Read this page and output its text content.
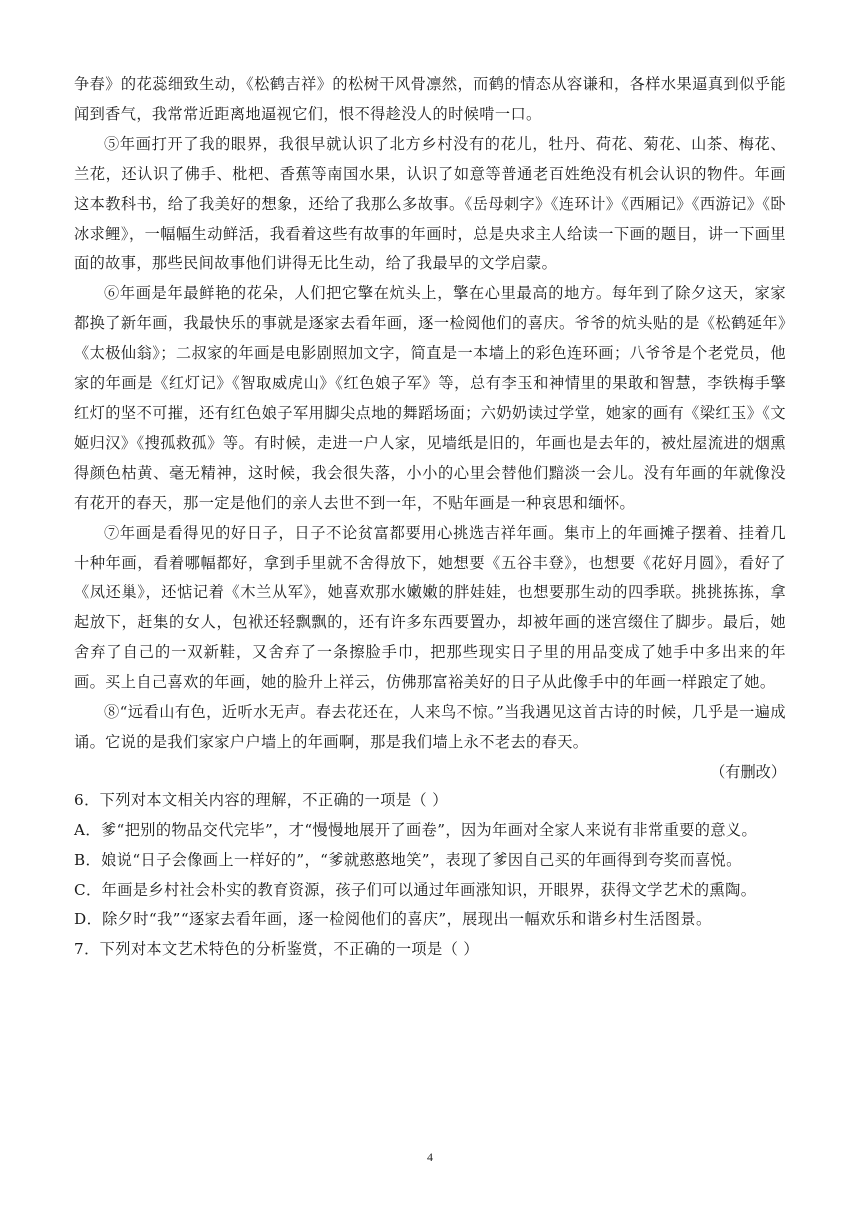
争春》的花蕊细致生动，《松鹤吉祥》的松树干风骨凛然，而鹤的情态从容谦和，各样水果逼真到似乎能闻到香气，我常常近距离地逼视它们，恨不得趁没人的时候啃一口。

⑤年画打开了我的眼界，我很早就认识了北方乡村没有的花儿，牡丹、荷花、菊花、山茶、梅花、兰花，还认识了佛手、枇杷、香蕉等南国水果，认识了如意等普通老百姓绝没有机会认识的物件。年画这本教科书，给了我美好的想象，还给了我那么多故事。《岳母刺字》《连环计》《西厢记》《西游记》《卧冰求鲤》，一幅幅生动鲜活，我看着这些有故事的年画时，总是央求主人给读一下画的题目，讲一下画里面的故事，那些民间故事他们讲得无比生动，给了我最早的文学启蒙。

⑥年画是年最鲜艳的花朵，人们把它擎在炕头上，擎在心里最高的地方。每年到了除夕这天，家家都换了新年画，我最快乐的事就是逐家去看年画，逐一检阅他们的喜庆。爷爷的炕头贴的是《松鹤延年》《太极仙翁》；二叔家的年画是电影剧照加文字，简直是一本墙上的彩色连环画；八爷爷是个老党员，他家的年画是《红灯记》《智取威虎山》《红色娘子军》等，总有李玉和神情里的果敢和智慧，李铁梅手擎红灯的坚不可摧，还有红色娘子军用脚尖点地的舞蹈场面；六奶奶读过学堂，她家的画有《梁红玉》《文姬归汉》《搜孤救孤》等。有时候，走进一户人家，见墙纸是旧的，年画也是去年的，被灶屋流进的烟熏得颜色枯黄、毫无精神，这时候，我会很失落，小小的心里会替他们黯淡一会儿。没有年画的年就像没有花开的春天，那一定是他们的亲人去世不到一年，不贴年画是一种哀思和缅怀。

⑦年画是看得见的好日子，日子不论贫富都要用心挑选吉祥年画。集市上的年画摊子摆着、挂着几十种年画，看着哪幅都好，拿到手里就不舍得放下，她想要《五谷丰登》，也想要《花好月圆》，看好了《凤还巢》，还惦记着《木兰从军》，她喜欢那水嫩嫩的胖娃娃，也想要那生动的四季联。挑挑拣拣，拿起放下，赶集的女人，包袱还轻飘飘的，还有许多东西要置办，却被年画的迷宫缀住了脚步。最后，她舍弃了自己的一双新鞋，又舍弃了一条擦脸手巾，把那些现实日子里的用品变成了她手中多出来的年画。买上自己喜欢的年画，她的脸升上祥云，仿佛那富裕美好的日子从此像手中的年画一样踉定了她。

⑧“远看山有色，近听水无声。春去花还在，人来鸟不惊。”当我遇见这首古诗的时候，几乎是一遍成诵。它说的是我们家家户户墙上的年画啊，那是我们墙上永不老去的春天。

（有删改）

6．下列对本文相关内容的理解，不正确的一项是（ ）

A．爹“把别的物品交代完毕”，才“慢慢地展开了画卷”，因为年画对全家人来说有非常重要的意义。

B．娘说“日子会像画上一样好的”，“爹就憨憨地笑”，表现了爹因自己买的年画得到夸奖而喜悦。

C．年画是乡村社会朴实的教育资源，孩子们可以通过年画涨知识，开眼界，获得文学艺术的熏陶。

D．除夕时“我”“逐家去看年画，逐一检阅他们的喜庆”，展现出一幅欢乐和谐乡村生活图景。

7．下列对本文艺术特色的分析鉴赏，不正确的一项是（ ）

4
